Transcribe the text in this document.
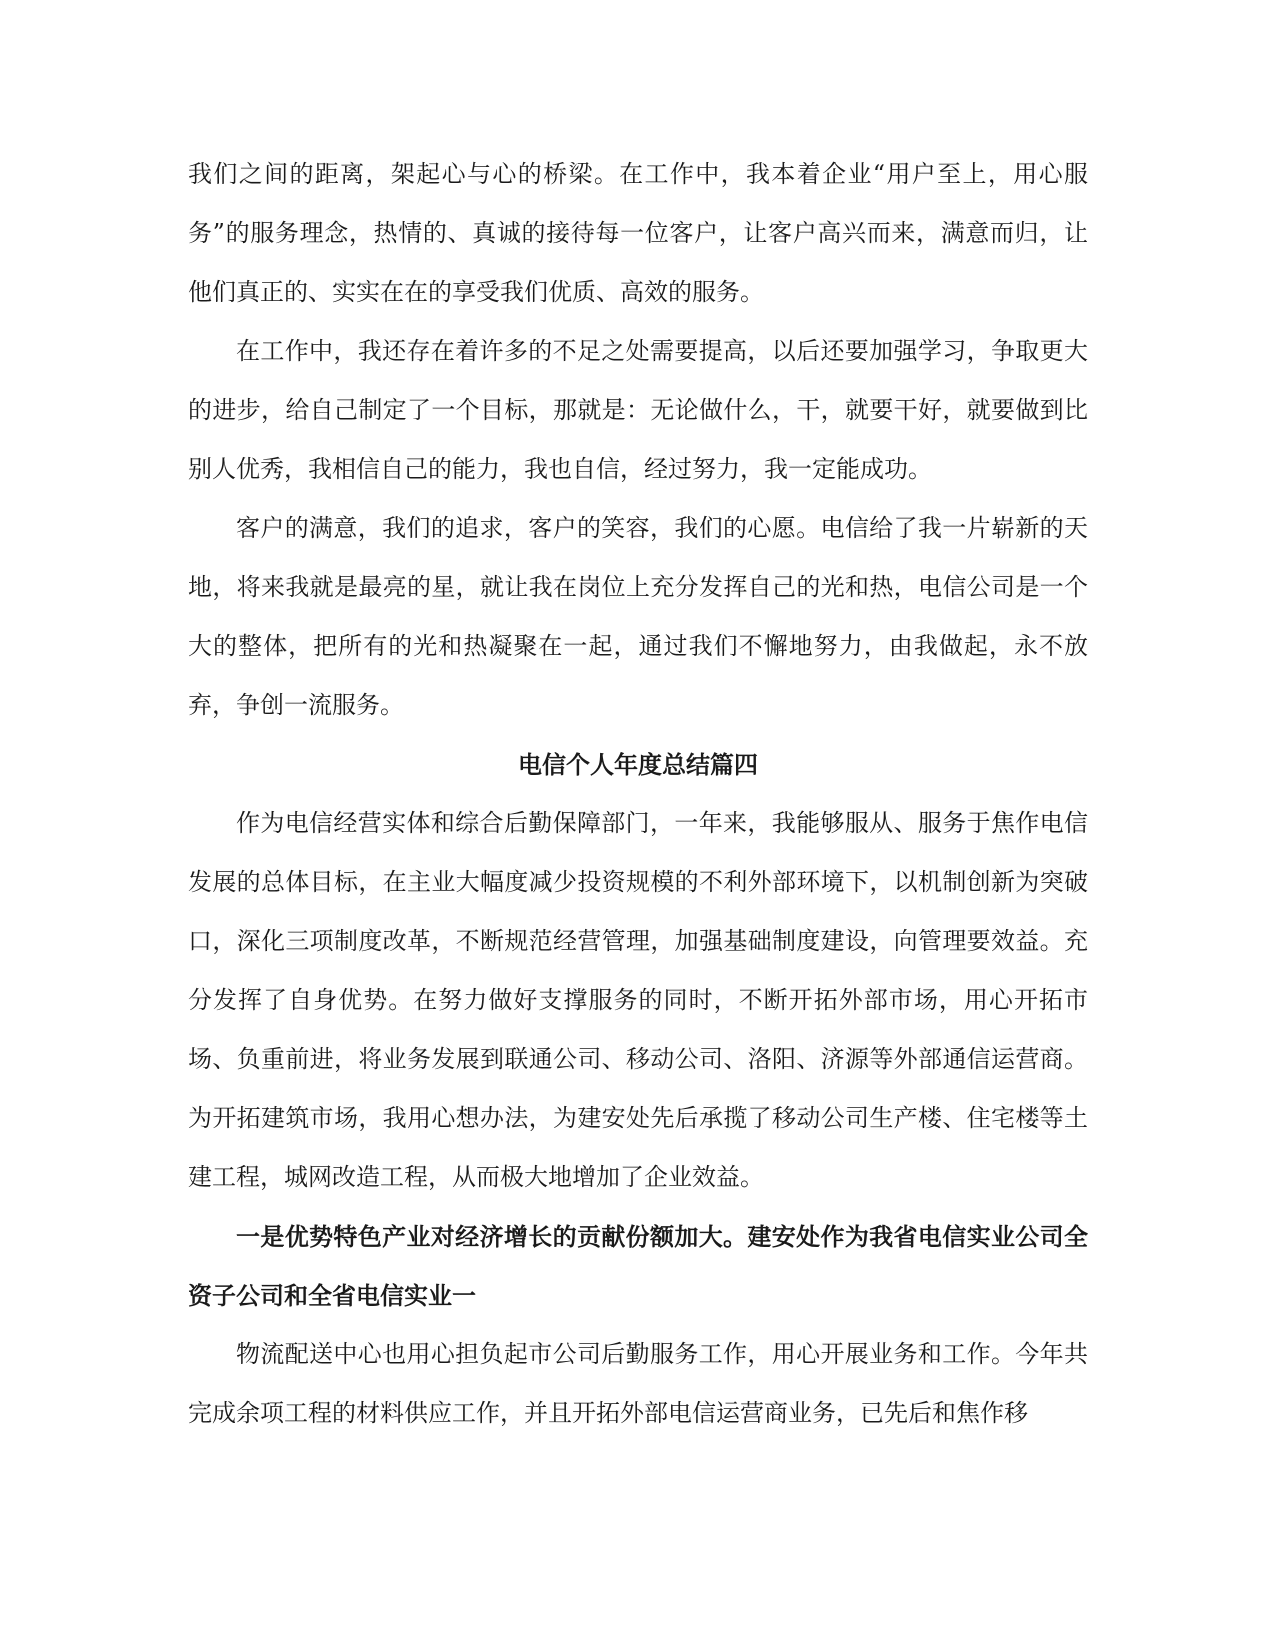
我们之间的距离，架起心与心的桥梁。在工作中，我本着企业“用户至上，用心服务”的服务理念，热情的、真诚的接待每一位客户，让客户高兴而来，满意而归，让他们真正的、实实在在的享受我们优质、高效的服务。

在工作中，我还存在着许多的不足之处需要提高，以后还要加强学习，争取更大的进步，给自己制定了一个目标，那就是：无论做什么，干，就要干好，就要做到比别人优秀，我相信自己的能力，我也自信，经过努力，我一定能成功。

客户的满意，我们的追求，客户的笑容，我们的心愿。电信给了我一片崭新的天地，将来我就是最亮的星，就让我在岗位上充分发挥自己的光和热，电信公司是一个大的整体，把所有的光和热凝聚在一起，通过我们不懈地努力，由我做起，永不放弃，争创一流服务。

电信个人年度总结篇四

作为电信经营实体和综合后勤保障部门，一年来，我能够服从、服务于焦作电信发展的总体目标，在主业大幅度减少投资规模的不利外部环境下，以机制创新为突破口，深化三项制度改革，不断规范经营管理，加强基础制度建设，向管理要效益。充分发挥了自身优势。在努力做好支撑服务的同时，不断开拓外部市场，用心开拓市场、负重前进，将业务发展到联通公司、移动公司、洛阳、济源等外部通信运营商。为开拓建筑市场，我用心想办法，为建安处先后承揽了移动公司生产楼、住宅楼等土建工程，城网改造工程，从而极大地增加了企业效益。

一是优势特色产业对经济增长的贡献份额加大。建安处作为我省电信实业公司全资子公司和全省电信实业一

物流配送中心也用心担负起市公司后勤服务工作，用心开展业务和工作。今年共完成余项工程的材料供应工作，并且开拓外部电信运营商业务，已先后和焦作移
